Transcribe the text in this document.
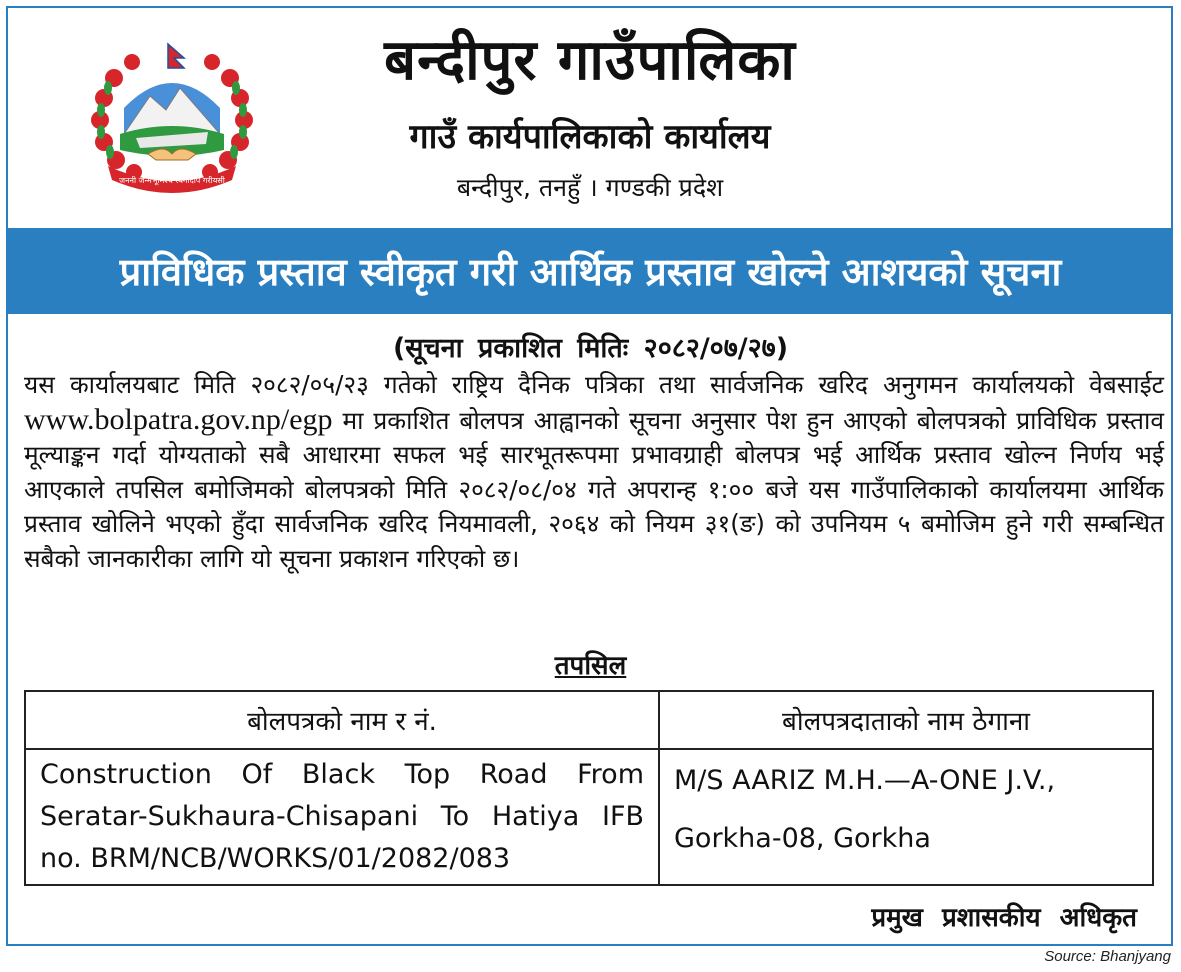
जननी जन्मभूमिश्च स्वर्गादपि गरीयसी
बन्दीपुर गाउँपालिका
गाउँ कार्यपालिकाको कार्यालय

बन्दीपुर, तनहुँ । गण्डकी प्रदेश

प्राविधिक प्रस्ताव स्वीकृत गरी आर्थिक प्रस्ताव खोल्ने आशयको सूचना
(सूचना प्रकाशित मितिः २०८२/०७/२७)
यस कार्यालयबाट मिति २०८२/०५/२३ गतेको राष्ट्रिय दैनिक पत्रिका तथा सार्वजनिक खरिद अनुगमन कार्यालयको वेबसाईट www.bolpatra.gov.np/egp मा प्रकाशित बोलपत्र आह्वानको सूचना अनुसार पेश हुन आएको बोलपत्रको प्राविधिक प्रस्ताव मूल्याङ्कन गर्दा योग्यताको सबै आधारमा सफल भई सारभूतरूपमा प्रभावग्राही बोलपत्र भई आर्थिक प्रस्ताव खोल्न निर्णय भई आएकाले तपसिल बमोजिमको बोलपत्रको मिति २०८२/०८/०४ गते अपरान्ह १:०० बजे यस गाउँपालिकाको कार्यालयमा आर्थिक प्रस्ताव खोलिने भएको हुँदा सार्वजनिक खरिद नियमावली, २०६४ को नियम ३१(ङ) को उपनियम ५ बमोजिम हुने गरी सम्बन्धित सबैको जानकारीका लागि यो सूचना प्रकाशन गरिएको छ।
तपसिल
बोलपत्रको नाम र नं.	बोलपत्रदाताको नाम ठेगाना
Construction Of Black Top Road From Seratar-Sukhaura-Chisapani To Hatiya IFB no. BRM/NCB/WORKS/01/2082/083	M/S AARIZ M.H.—A-ONE J.V.,
Gorkha-08, Gorkha
प्रमुख प्रशासकीय अधिकृत
Source: Bhanjyang
